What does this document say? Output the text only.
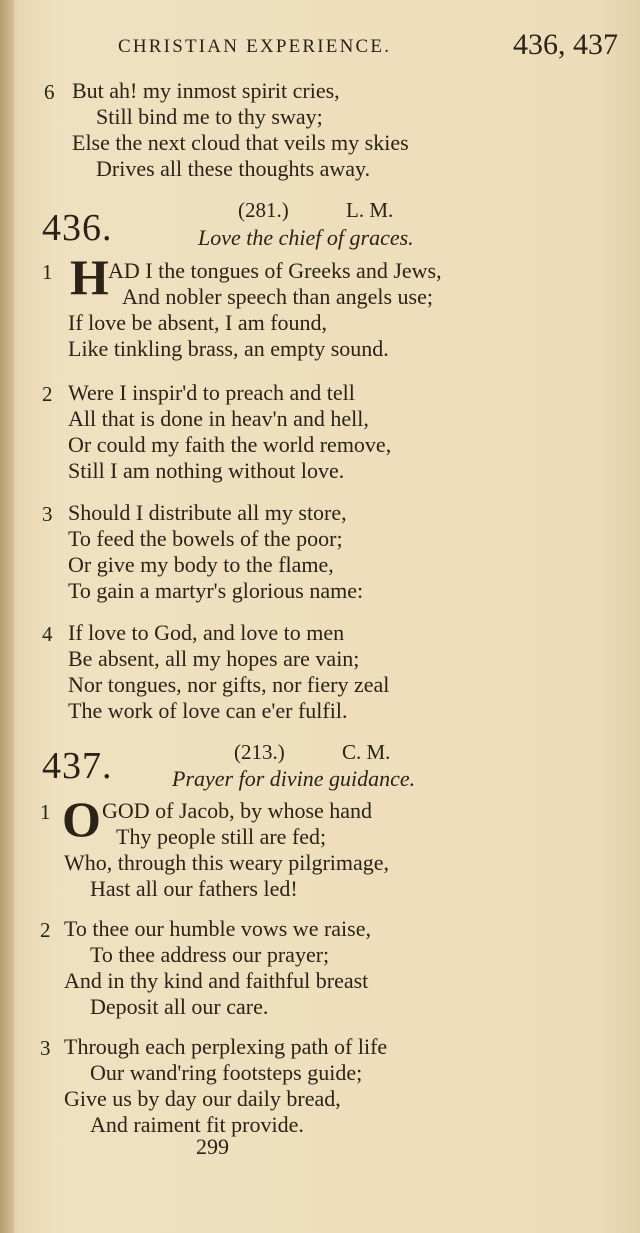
CHRISTIAN EXPERIENCE.	436, 437
6 But ah! my inmost spirit cries,
Still bind me to thy sway;
Else the next cloud that veils my skies
Drives all these thoughts away.
436.	(281.)	L. M.
Love the chief of graces.
1 H AD I the tongues of Greeks and Jews,
And nobler speech than angels use;
If love be absent, I am found,
Like tinkling brass, an empty sound.
2 Were I inspir'd to preach and tell
All that is done in heav'n and hell,
Or could my faith the world remove,
Still I am nothing without love.
3 Should I distribute all my store,
To feed the bowels of the poor;
Or give my body to the flame,
To gain a martyr's glorious name:
4 If love to God, and love to men
Be absent, all my hopes are vain;
Nor tongues, nor gifts, nor fiery zeal
The work of love can e'er fulfil.
437.	(213.)	C. M.
Prayer for divine guidance.
1 O GOD of Jacob, by whose hand
Thy people still are fed;
Who, through this weary pilgrimage,
Hast all our fathers led!
2 To thee our humble vows we raise,
To thee address our prayer;
And in thy kind and faithful breast
Deposit all our care.
3 Through each perplexing path of life
Our wand'ring footsteps guide;
Give us by day our daily bread,
And raiment fit provide.
299
